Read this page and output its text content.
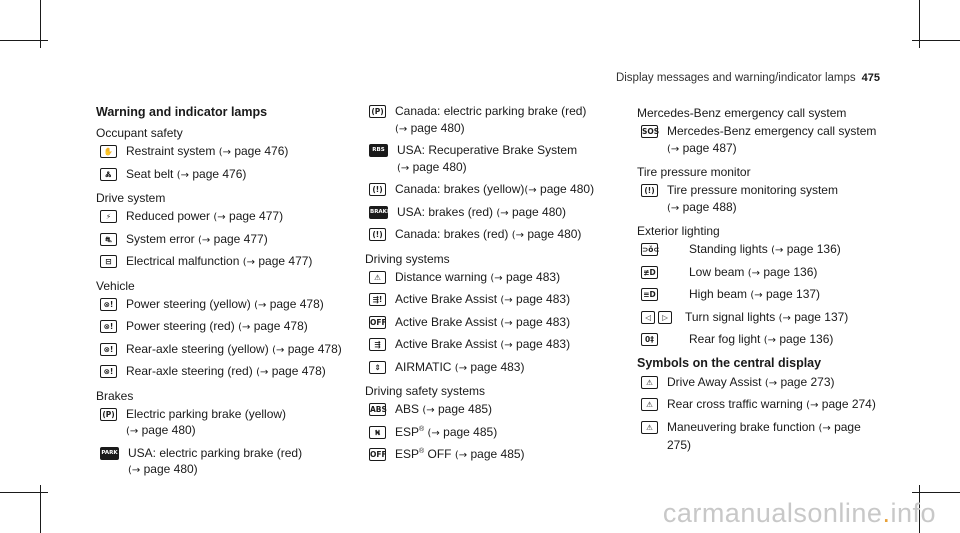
Display messages and warning/indicator lamps 475
Warning and indicator lamps
Occupant safety
✋	Restraint system (→ page 476)
Ꮬ	Seat belt (→ page 476)
Drive system
⚡	Reduced power (→ page 477)
⛐	System error (→ page 477)
⊟	Electrical malfunction (→ page 477)
Vehicle
⊗!	Power steering (yellow) (→ page 478)
⊗!	Power steering (red) (→ page 478)
⊗!	Rear-axle steering (yellow) (→ page 478)
⊗!	Rear-axle steering (red) (→ page 478)
Brakes
(P) Electric parking brake (yellow)
(→ page 480)
PARK USA: electric parking brake (red)
(→ page 480)
(P) Canada: electric parking brake (red)
(→ page 480)
RBS USA: Recuperative Brake System
(→ page 480)
(!) Canada: brakes (yellow)(→ page 480)
BRAKE USA: brakes (red) (→ page 480)
(!) Canada: brakes (red) (→ page 480)
Driving systems
⚠	Distance warning (→ page 483)
⇶!	Active Brake Assist (→ page 483)
OFF Active Brake Assist (→ page 483)
⇶	Active Brake Assist (→ page 483)
⇕	AIRMATIC (→ page 483)
Driving safety systems
ABS ABS (→ page 485)
⛕	ESP® (→ page 485)
OFF ESP® OFF (→ page 485)
Mercedes-Benz emergency call system
SOS Mercedes-Benz emergency call system
(→ page 487)
Tire pressure monitor
(!) Tire pressure monitoring system
(→ page 488)
Exterior lighting
⊃ŏ⊂	Standing lights (→ page 136)
≢D	Low beam (→ page 136)
≡D	High beam (→ page 137)
◁	▷	Turn signal lights (→ page 137)
0‡	Rear fog light (→ page 136)
Symbols on the central display
⚠	Drive Away Assist (→ page 273)
⚠	Rear cross traffic warning (→ page 274)
⚠	Maneuvering brake function (→ page 275)
carmanualsonline.info
